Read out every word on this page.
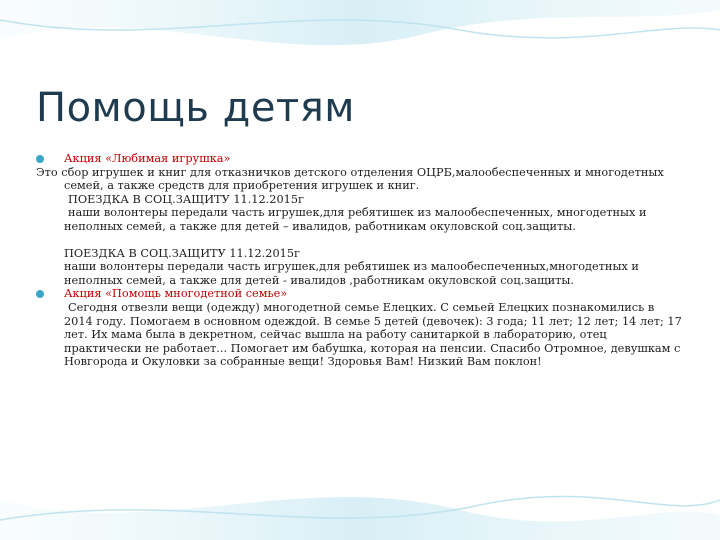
Помощь детям
Акция «Любимая игрушка»
Это сбор игрушек и книг для отказничков детского отделения ОЦРБ,малообеспеченных и многодетных семей, а также средств для приобретения игрушек и книг.
ПОЕЗДКА В СОЦ.ЗАЩИТУ 11.12.2015г
наши волонтеры передали часть игрушек,для ребятишек из малообеспеченных, многодетных и неполных семей, а также для детей – ивалидов, работникам окуловской соц.защиты.
ПОЕЗДКА В СОЦ.ЗАЩИТУ 11.12.2015г
наши волонтеры передали часть игрушек,для ребятишек из малообеспеченных,многодетных и неполных семей, а также для детей - ивалидов ,работникам окуловской соц.защиты.
Акция «Помощь многодетной семье»
Сегодня отвезли вещи (одежду) многодетной семье Елецких. С семьей Елецких познакомились в 2014 году. Помогаем в основном одеждой. В семье 5 детей (девочек): 3 года; 11 лет; 12 лет; 14 лет; 17 лет. Их мама была в декретном, сейчас вышла на работу санитаркой в лабораторию, отец практически не работает... Помогает им бабушка, которая на пенсии. Спасибо Отромное, девушкам с Новгорода и Окуловки за собранные вещи! Здоровья Вам! Низкий Вам поклон!
